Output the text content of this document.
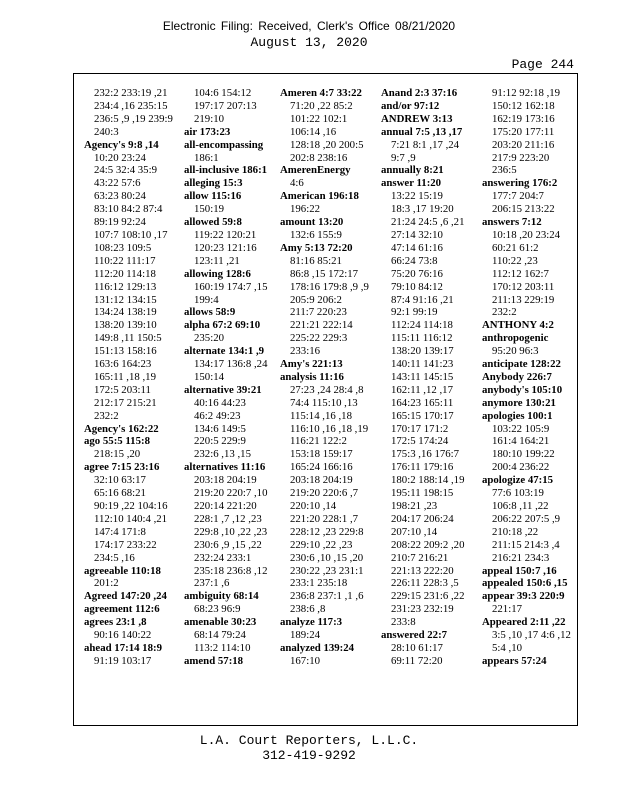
Electronic Filing: Received, Clerk's Office 08/21/2020
August 13, 2020
Page 244
232:2 233:19 ,21
234:4 ,16 235:15
236:5 ,9 ,19 239:9
240:3
Agency's 9:8 ,14
10:20 23:24
24:5 32:4 35:9
43:22 57:6
63:23 80:24
83:10 84:2 87:4
89:19 92:24
107:7 108:10 ,17
108:23 109:5
110:22 111:17
112:20 114:18
116:12 129:13
131:12 134:15
134:24 138:19
138:20 139:10
149:8 ,11 150:5
151:13 158:16
163:6 164:23
165:11 ,18 ,19
172:5 203:11
212:17 215:21
232:2
Agency's 162:22
ago 55:5 115:8
218:15 ,20
agree 7:15 23:16
32:10 63:17
65:16 68:21
90:19 ,22 104:16
112:10 140:4 ,21
147:4 171:8
174:17 233:22
234:5 ,16
agreeable 110:18
201:2
Agreed 147:20 ,24
agreement 112:6
agrees 23:1 ,8
90:16 140:22
ahead 17:14 18:9
91:19 103:17
104:6 154:12
197:17 207:13
219:10
air 173:23
all-encompassing
186:1
all-inclusive 186:1
alleging 15:3
allow 115:16
150:19
allowed 59:8
119:22 120:21
120:23 121:16
123:11 ,21
allowing 128:6
160:19 174:7 ,15
199:4
allows 58:9
alpha 67:2 69:10
235:20
alternate 134:1 ,9
134:17 136:8 ,24
150:14
alternative 39:21
40:16 44:23
46:2 49:23
134:6 149:5
220:5 229:9
232:6 ,13 ,15
alternatives 11:16
203:18 204:19
219:20 220:7 ,10
220:14 221:20
228:1 ,7 ,12 ,23
229:8 ,10 ,22 ,23
230:6 ,9 ,15 ,22
232:24 233:1
235:18 236:8 ,12
237:1 ,6
ambiguity 68:14
68:23 96:9
amenable 30:23
68:14 79:24
113:2 114:10
amend 57:18
Ameren 4:7 33:22
71:20 ,22 85:2
101:22 102:1
106:14 ,16
128:18 ,20 200:5
202:8 238:16
AmerenEnergy
4:6
American 196:18
196:22
amount 13:20
132:6 155:9
Amy 5:13 72:20
81:16 85:21
86:8 ,15 172:17
178:16 179:8 ,9 ,9
205:9 206:2
211:7 220:23
221:21 222:14
225:22 229:3
233:16
Amy's 221:13
analysis 11:16
27:23 ,24 28:4 ,8
74:4 115:10 ,13
115:14 ,16 ,18
116:10 ,16 ,18 ,19
116:21 122:2
153:18 159:17
165:24 166:16
203:18 204:19
219:20 220:6 ,7
220:10 ,14
221:20 228:1 ,7
228:12 ,23 229:8
229:10 ,22 ,23
230:6 ,10 ,15 ,20
230:22 ,23 231:1
233:1 235:18
236:8 237:1 ,1 ,6
238:6 ,8
analyze 117:3
189:24
analyzed 139:24
167:10
Anand 2:3 37:16
and/or 97:12
ANDREW 3:13
annual 7:5 ,13 ,17
7:21 8:1 ,17 ,24
9:7 ,9
annually 8:21
answer 11:20
13:22 15:19
18:3 ,17 19:20
21:24 24:5 ,6 ,21
27:14 32:10
47:14 61:16
66:24 73:8
75:20 76:16
79:10 84:12
87:4 91:16 ,21
92:1 99:19
112:24 114:18
115:11 116:12
138:20 139:17
140:11 141:23
143:11 145:15
162:11 ,12 ,17
164:23 165:11
165:15 170:17
170:17 171:2
172:5 174:24
175:3 ,16 176:7
176:11 179:16
180:2 188:14 ,19
195:11 198:15
198:21 ,23
204:17 206:24
207:10 ,14
208:22 209:2 ,20
210:7 216:21
221:13 222:20
226:11 228:3 ,5
229:15 231:6 ,22
231:23 232:19
233:8
answered 22:7
28:10 61:17
69:11 72:20
91:12 92:18 ,19
150:12 162:18
162:19 173:16
175:20 177:11
203:20 211:16
217:9 223:20
236:5
answering 176:2
177:7 204:7
206:15 213:22
answers 7:12
10:18 ,20 23:24
60:21 61:2
110:22 ,23
112:12 162:7
170:12 203:11
211:13 229:19
232:2
ANTHONY 4:2
anthropogenic
95:20 96:3
anticipate 128:22
Anybody 226:7
anybody's 105:10
anymore 130:21
apologies 100:1
103:22 105:9
161:4 164:21
180:10 199:22
200:4 236:22
apologize 47:15
77:6 103:19
106:8 ,11 ,22
206:22 207:5 ,9
210:18 ,22
211:15 214:3 ,4
216:21 234:3
appeal 150:7 ,16
appealed 150:6 ,15
appear 39:3 220:9
221:17
Appeared 2:11 ,22
3:5 ,10 ,17 4:6 ,12
5:4 ,10
appears 57:24
L.A. Court Reporters, L.L.C.
312-419-9292
